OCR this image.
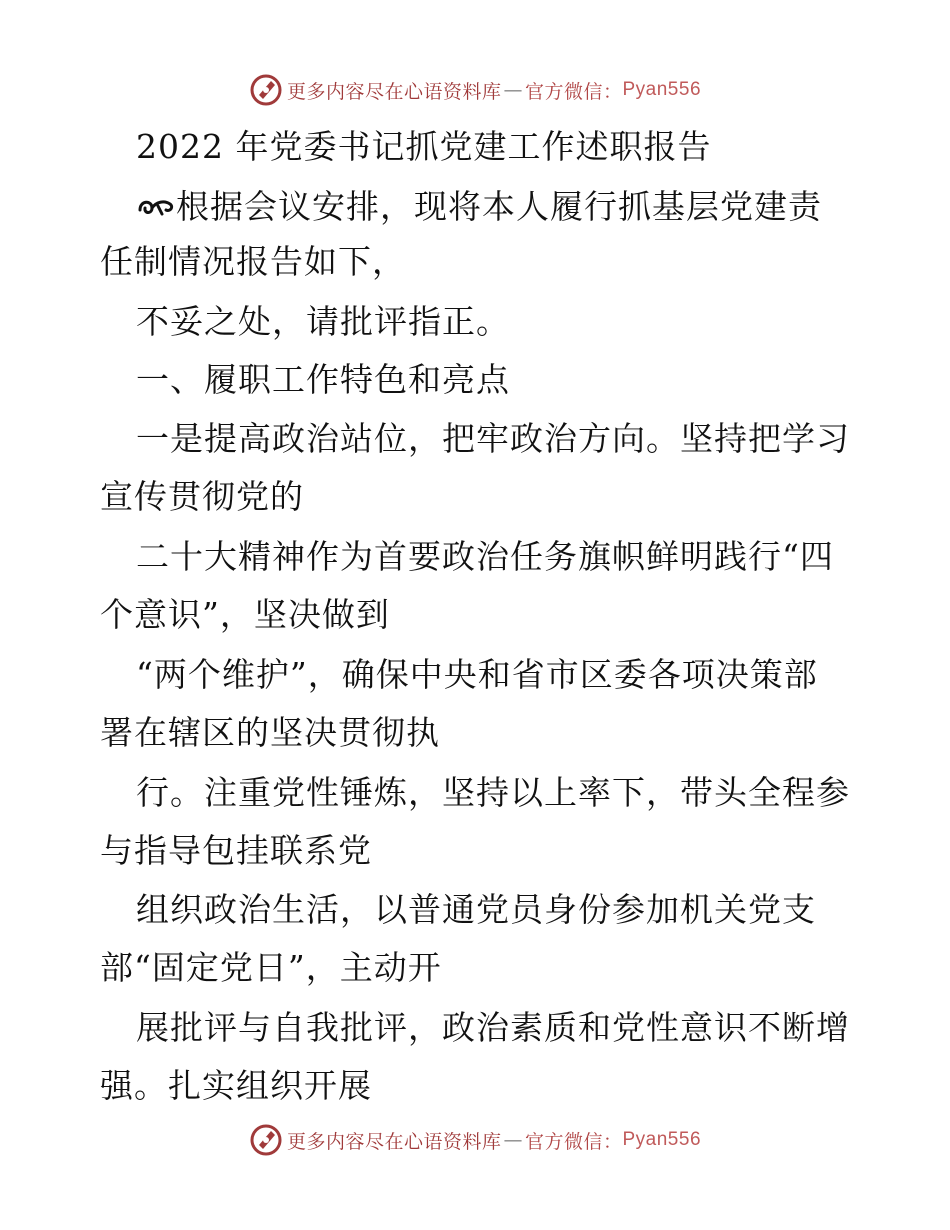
更多内容尽在心语资料库 — 官方微信： Pyan556
2022 年党委书记抓党建工作述职报告
根据会议安排，现将本人履行抓基层党建责
任制情况报告如下，
不妥之处，请批评指正。
一、履职工作特色和亮点
一是提高政治站位，把牢政治方向。坚持把学习
宣传贯彻党的
二十大精神作为首要政治任务旗帜鲜明践行“四
个意识”，坚决做到
“两个维护”，确保中央和省市区委各项决策部
署在辖区的坚决贯彻执
行。注重党性锤炼，坚持以上率下，带头全程参
与指导包挂联系党
组织政治生活，以普通党员身份参加机关党支
部“固定党日”，主动开
展批评与自我批评，政治素质和党性意识不断增
强。扎实组织开展
更多内容尽在心语资料库 — 官方微信： Pyan556
